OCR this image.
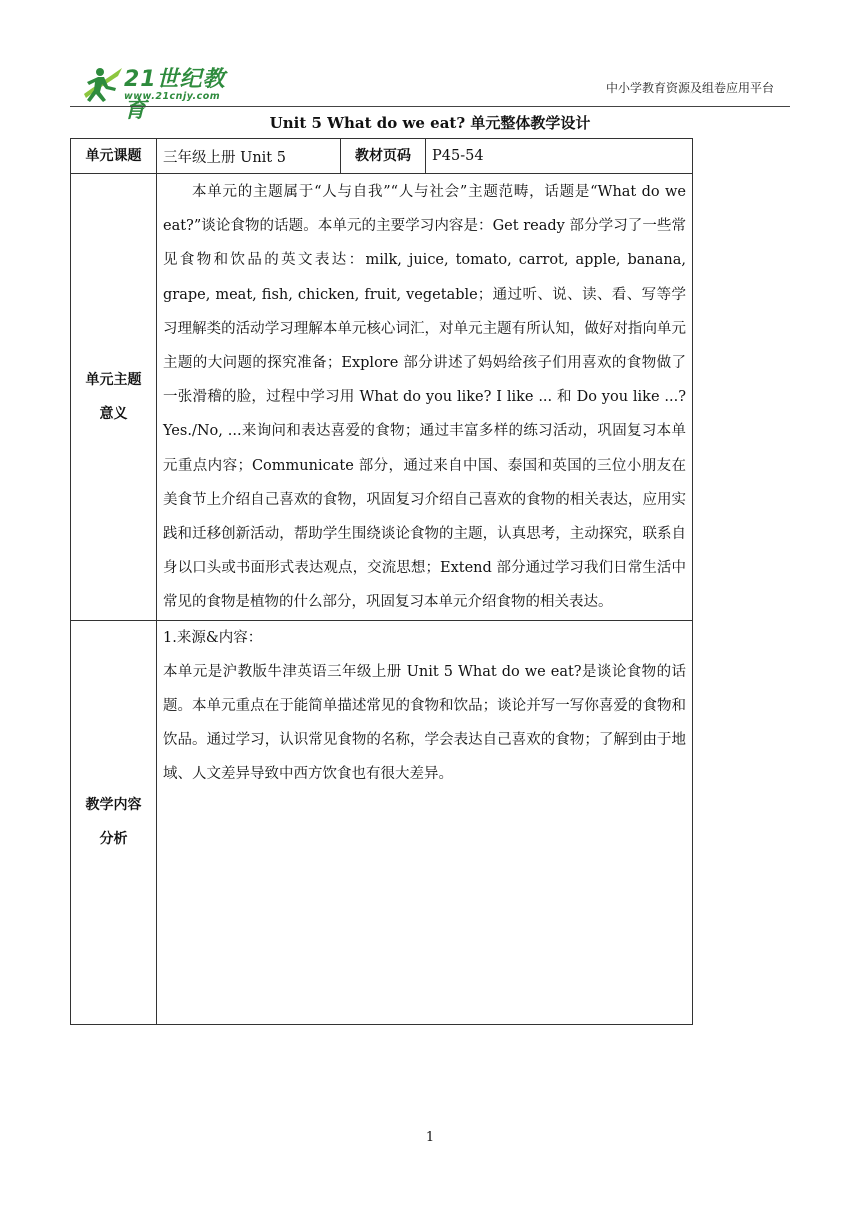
21世纪教育
www.21cnjy.com
中小学教育资源及组卷应用平台
Unit 5 What do we eat? 单元整体教学设计
单元课题	三年级上册 Unit 5	教材页码	P45-54
单元主题意义	本单元的主题属于“人与自我”“人与社会”主题范畴，话题是“What do we eat?”谈论食物的话题。本单元的主要学习内容是：Get ready 部分学习了一些常见食物和饮品的英文表达：milk, juice, tomato, carrot, apple, banana, grape, meat, fish, chicken, fruit, vegetable；通过听、说、读、看、写等学习理解类的活动学习理解本单元核心词汇，对单元主题有所认知，做好对指向单元主题的大问题的探究准备；Explore 部分讲述了妈妈给孩子们用喜欢的食物做了一张滑稽的脸，过程中学习用 What do you like? I like ... 和 Do you like ...? Yes./No, ...来询问和表达喜爱的食物；通过丰富多样的练习活动，巩固复习本单元重点内容；Communicate 部分，通过来自中国、泰国和英国的三位小朋友在美食节上介绍自己喜欢的食物，巩固复习介绍自己喜欢的食物的相关表达，应用实践和迁移创新活动，帮助学生围绕谈论食物的主题，认真思考，主动探究，联系自身以口头或书面形式表达观点，交流思想；Extend 部分通过学习我们日常生活中常见的食物是植物的什么部分，巩固复习本单元介绍食物的相关表达。		

教学内容分析	1.来源&内容：

本单元是沪教版牛津英语三年级上册 Unit 5 What do we eat?是谈论食物的话题。本单元重点在于能简单描述常见的食物和饮品；谈论并写一写你喜爱的食物和饮品。通过学习，认识常见食物的名称，学会表达自己喜欢的食物；了解到由于地域、人文差异导致中西方饮食也有很大差异。		

1
